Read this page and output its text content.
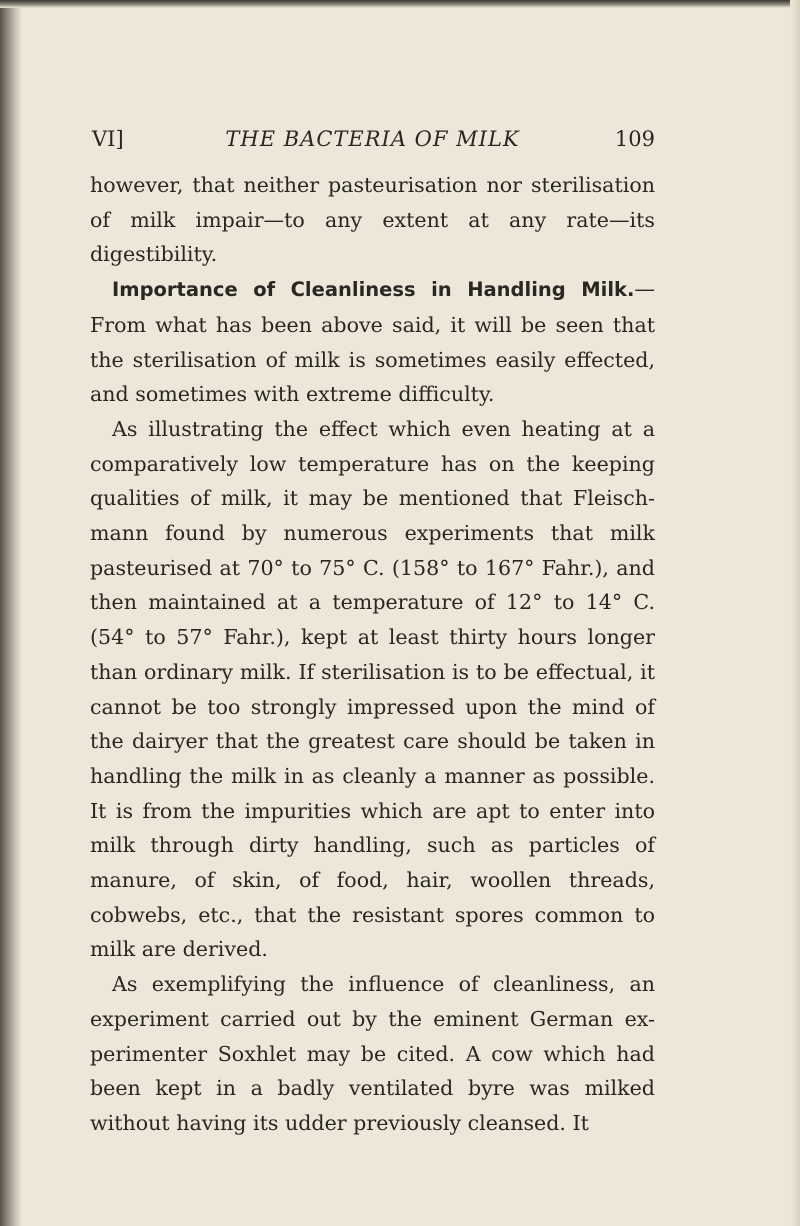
VI]	THE BACTERIA OF MILK	109

however, that neither pasteurisation nor sterilisation of milk impair—to any extent at any rate—its digestibility.

Importance of Cleanliness in Handling Milk.— From what has been above said, it will be seen that the sterilisation of milk is sometimes easily effected, and sometimes with extreme difficulty.

As illustrating the effect which even heating at a comparatively low temperature has on the keeping qualities of milk, it may be mentioned that Fleisch-mann found by numerous experiments that milk pasteurised at 70° to 75° C. (158° to 167° Fahr.), and then maintained at a temperature of 12° to 14° C. (54° to 57° Fahr.), kept at least thirty hours longer than ordinary milk. If sterilisation is to be effectual, it cannot be too strongly impressed upon the mind of the dairyer that the greatest care should be taken in handling the milk in as cleanly a manner as possible. It is from the impurities which are apt to enter into milk through dirty handling, such as particles of manure, of skin, of food, hair, woollen threads, cobwebs, etc., that the resistant spores common to milk are derived.

As exemplifying the influence of cleanliness, an experiment carried out by the eminent German ex-perimenter Soxhlet may be cited. A cow which had been kept in a badly ventilated byre was milked without having its udder previously cleansed. It
